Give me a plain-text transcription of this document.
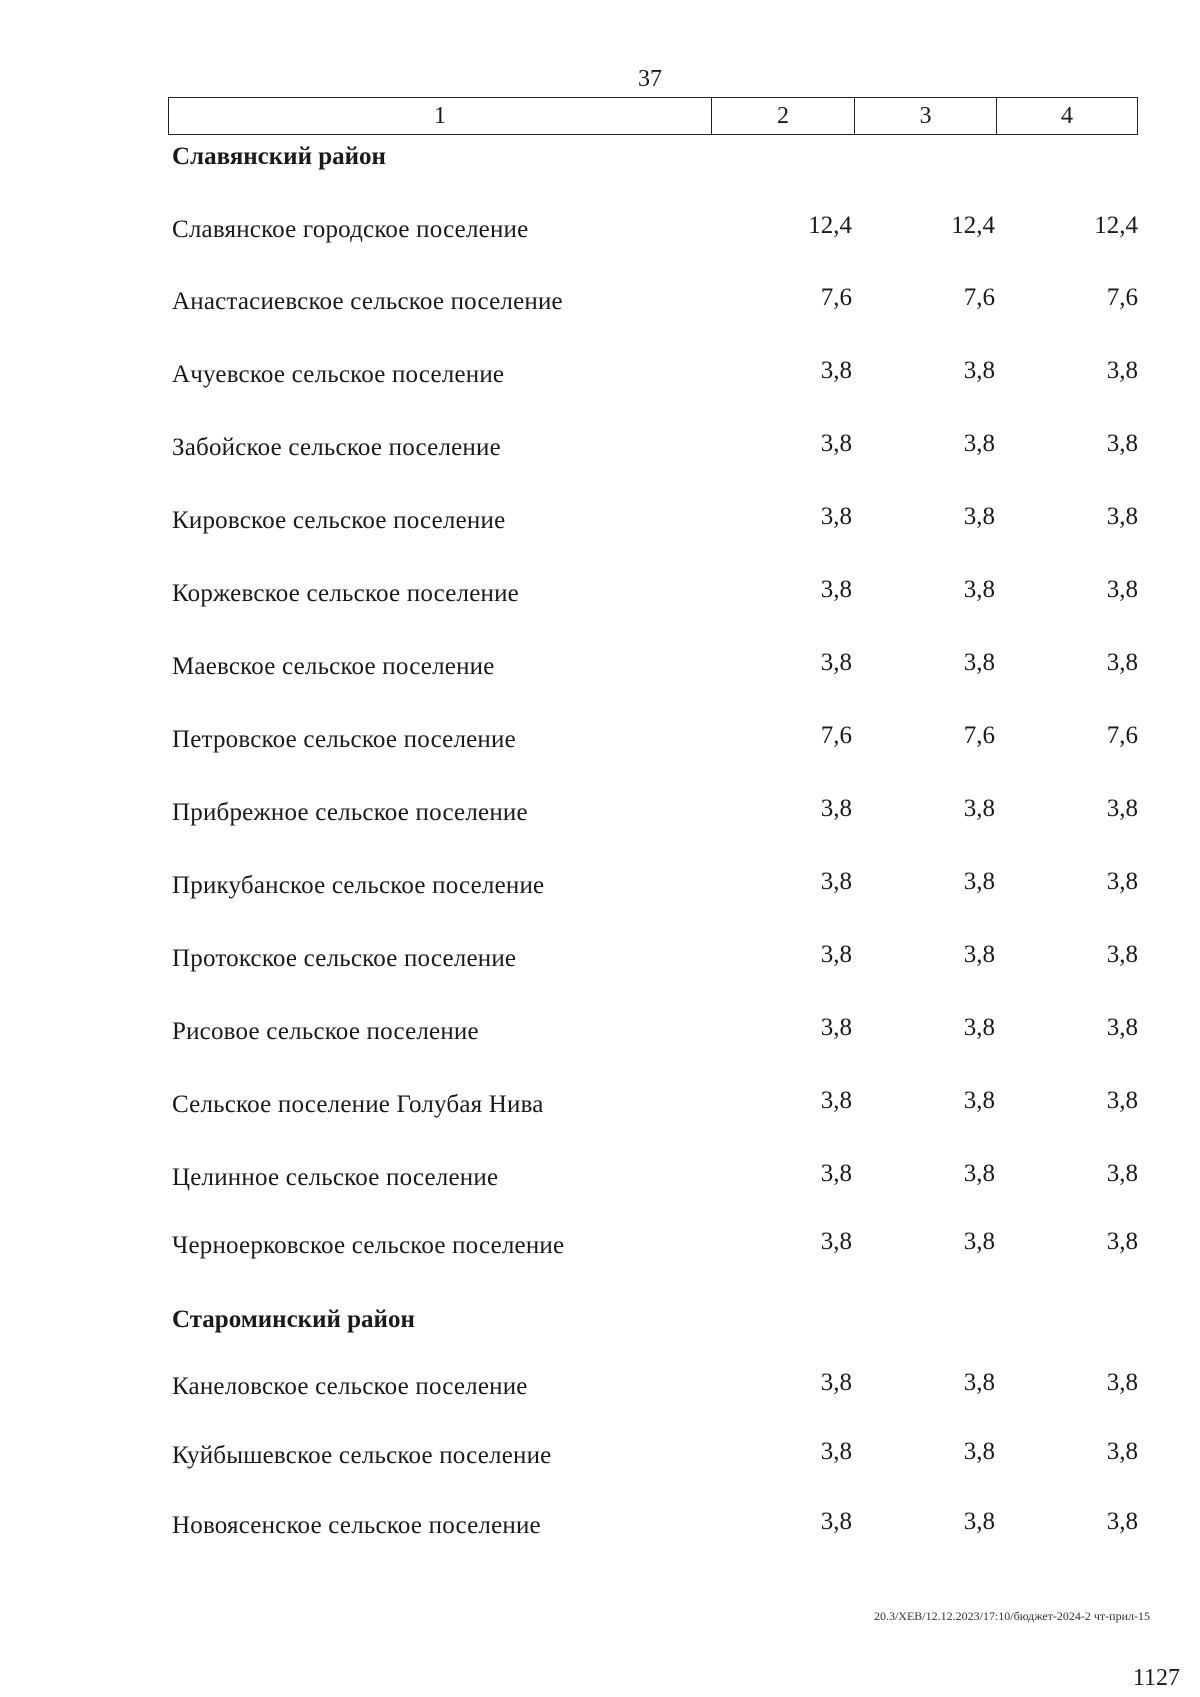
37
1	2	3	4
Славянский район
Славянское городское поселение	12,4	12,4	12,4
Анастасиевское сельское поселение	7,6	7,6	7,6
Ачуевское сельское поселение	3,8	3,8	3,8
Забойское сельское поселение	3,8	3,8	3,8
Кировское сельское поселение	3,8	3,8	3,8
Коржевское сельское поселение	3,8	3,8	3,8
Маевское сельское поселение	3,8	3,8	3,8
Петровское сельское поселение	7,6	7,6	7,6
Прибрежное сельское поселение	3,8	3,8	3,8
Прикубанское сельское поселение	3,8	3,8	3,8
Протокское сельское поселение	3,8	3,8	3,8
Рисовое сельское поселение	3,8	3,8	3,8
Сельское поселение Голубая Нива	3,8	3,8	3,8
Целинное сельское поселение	3,8	3,8	3,8
Черноерковское сельское поселение	3,8	3,8	3,8
Староминский район
Канеловское сельское поселение	3,8	3,8	3,8
Куйбышевское сельское поселение	3,8	3,8	3,8
Новоясенское сельское поселение	3,8	3,8	3,8
20.3/XEB/12.12.2023/17:10/бюджет-2024-2 чт-прил-15
1127
